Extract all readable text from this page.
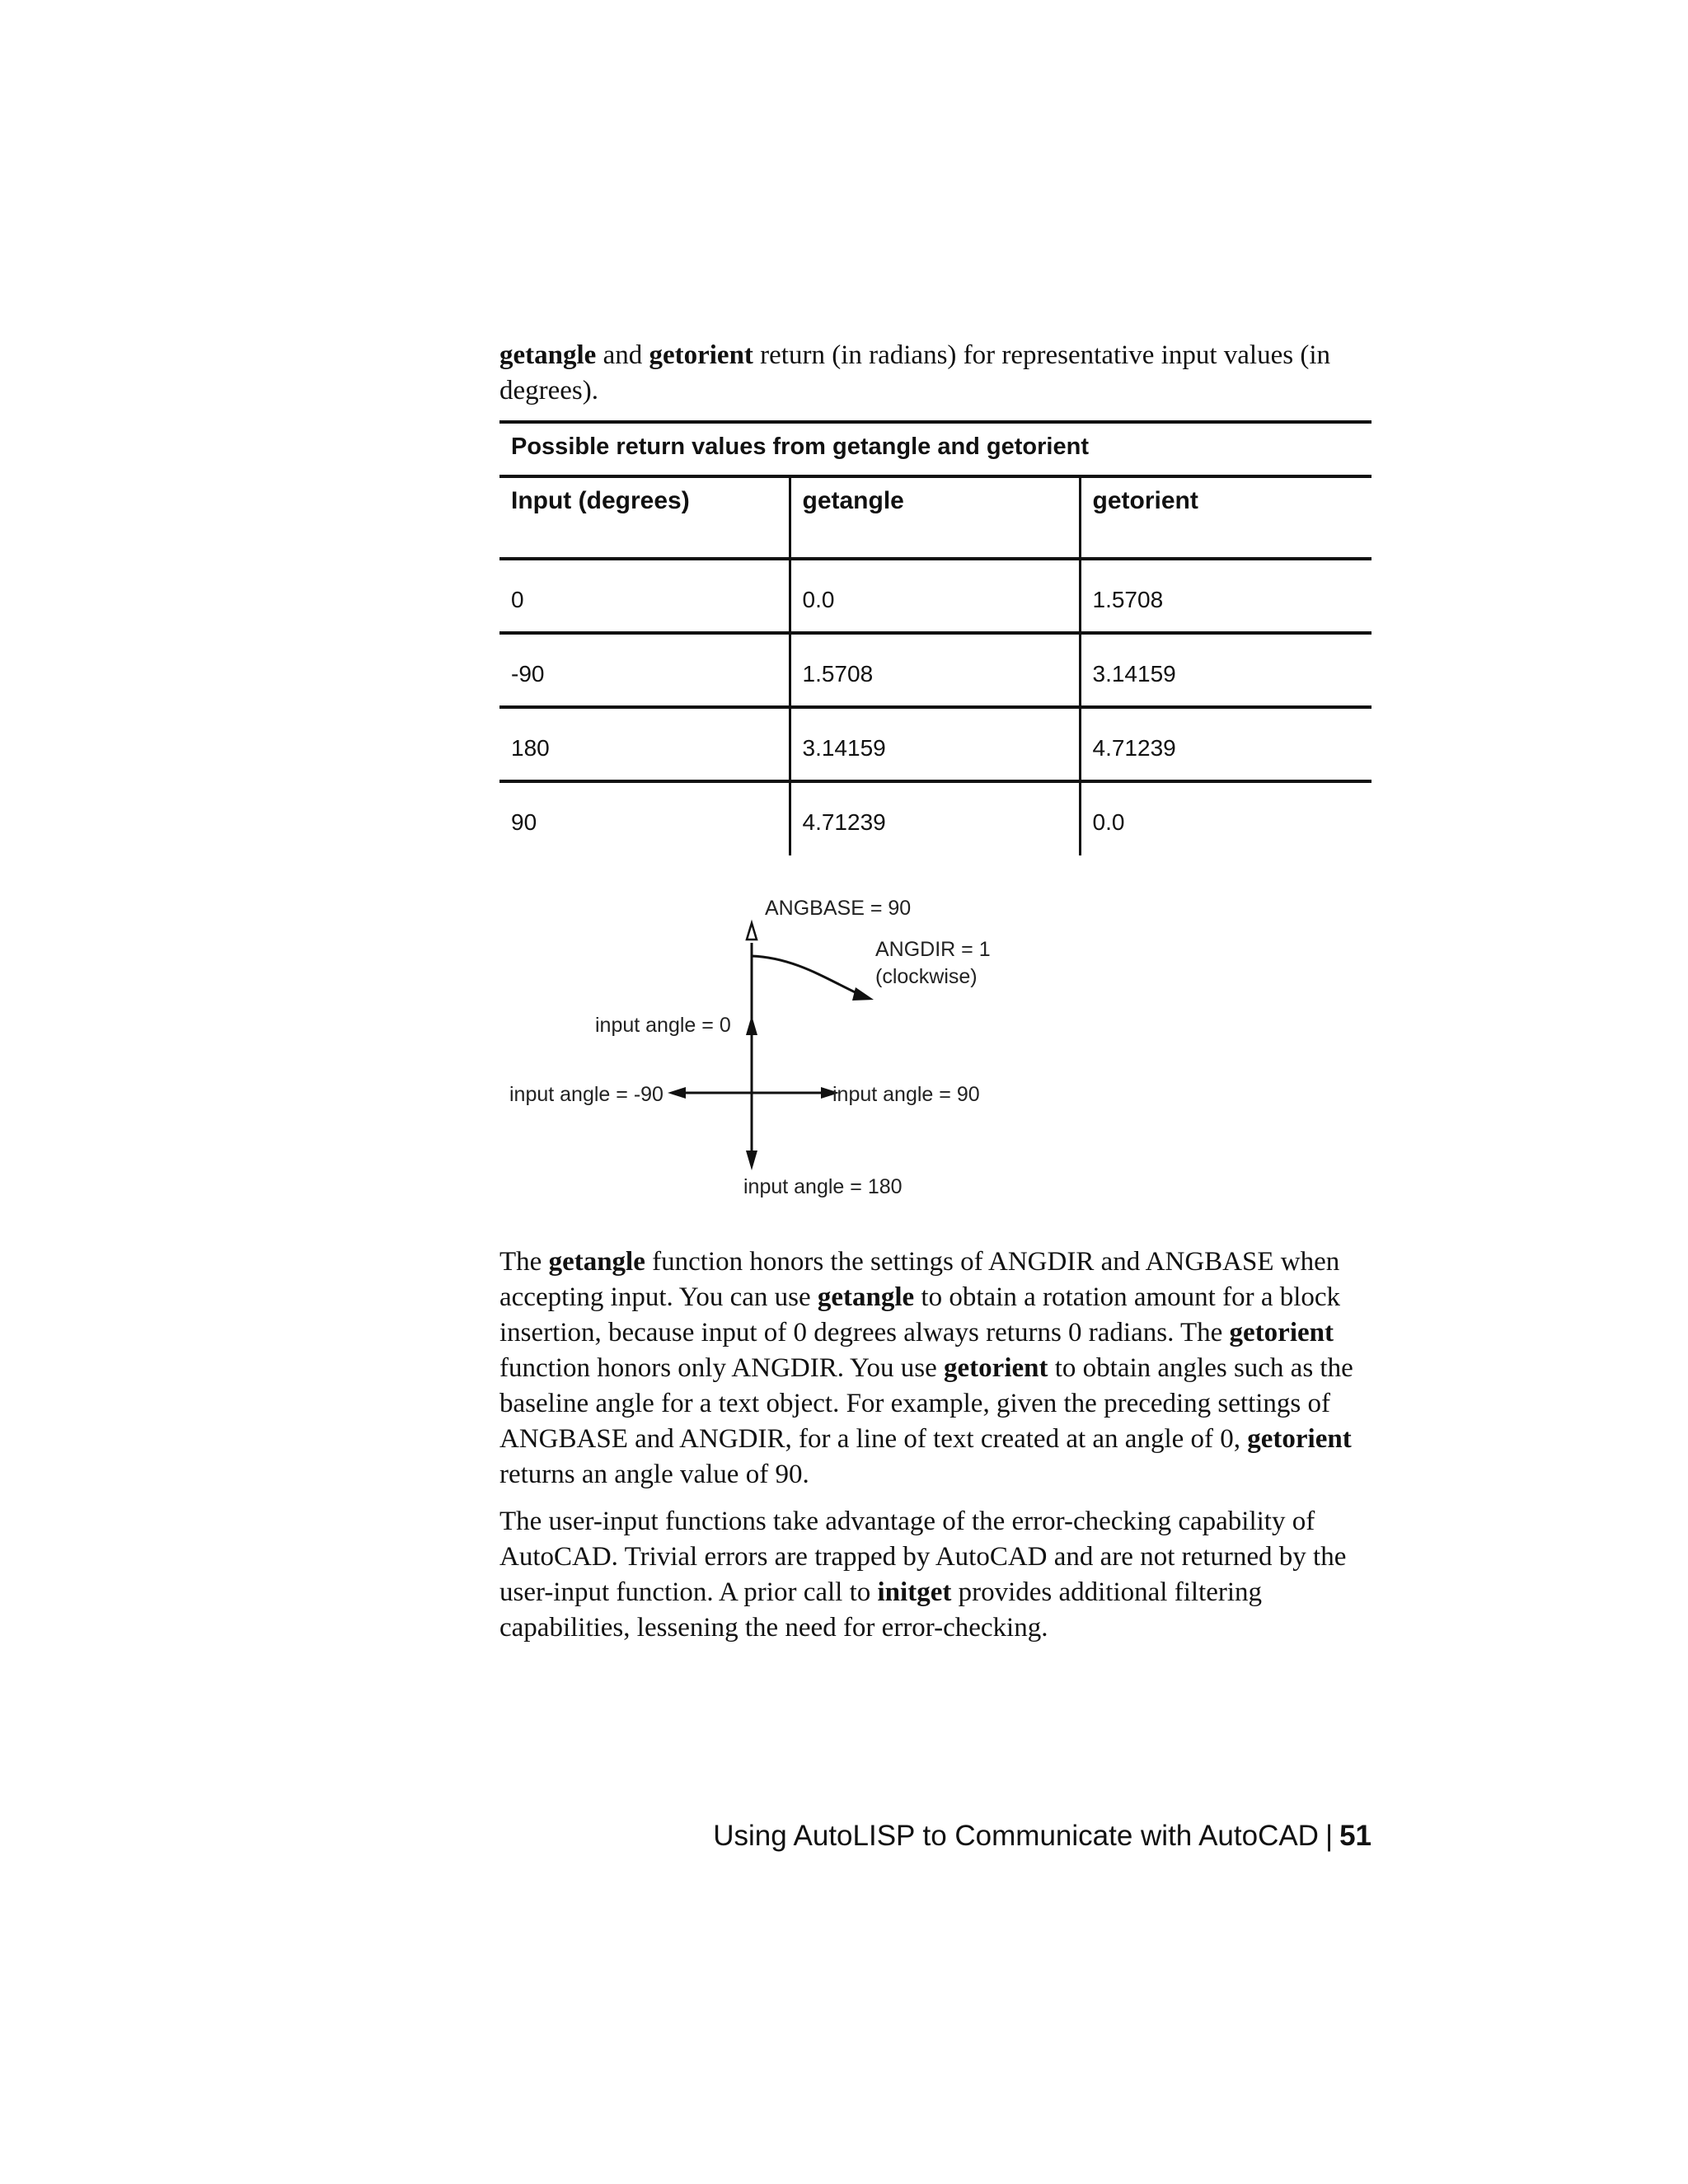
getangle and getorient return (in radians) for representative input values (in degrees).

Possible return values from getangle and getorient
Input (degrees)	getangle	getorient
0	0.0	1.5708
-90	1.5708	3.14159
180	3.14159	4.71239
90	4.71239	0.0
ANGBASE = 90
ANGDIR = 1
(clockwise)
input angle = 0
input angle = -90	input angle = 90
input angle = 180

The getangle function honors the settings of ANGDIR and ANGBASE when accepting input. You can use getangle to obtain a rotation amount for a block insertion, because input of 0 degrees always returns 0 radians. The getorient function honors only ANGDIR. You use getorient to obtain angles such as the baseline angle for a text object. For example, given the preceding settings of ANGBASE and ANGDIR, for a line of text created at an angle of 0, getorient returns an angle value of 90.

The user-input functions take advantage of the error-checking capability of AutoCAD. Trivial errors are trapped by AutoCAD and are not returned by the user-input function. A prior call to initget provides additional filtering capabilities, lessening the need for error-checking.

Using AutoLISP to Communicate with AutoCAD | 51
